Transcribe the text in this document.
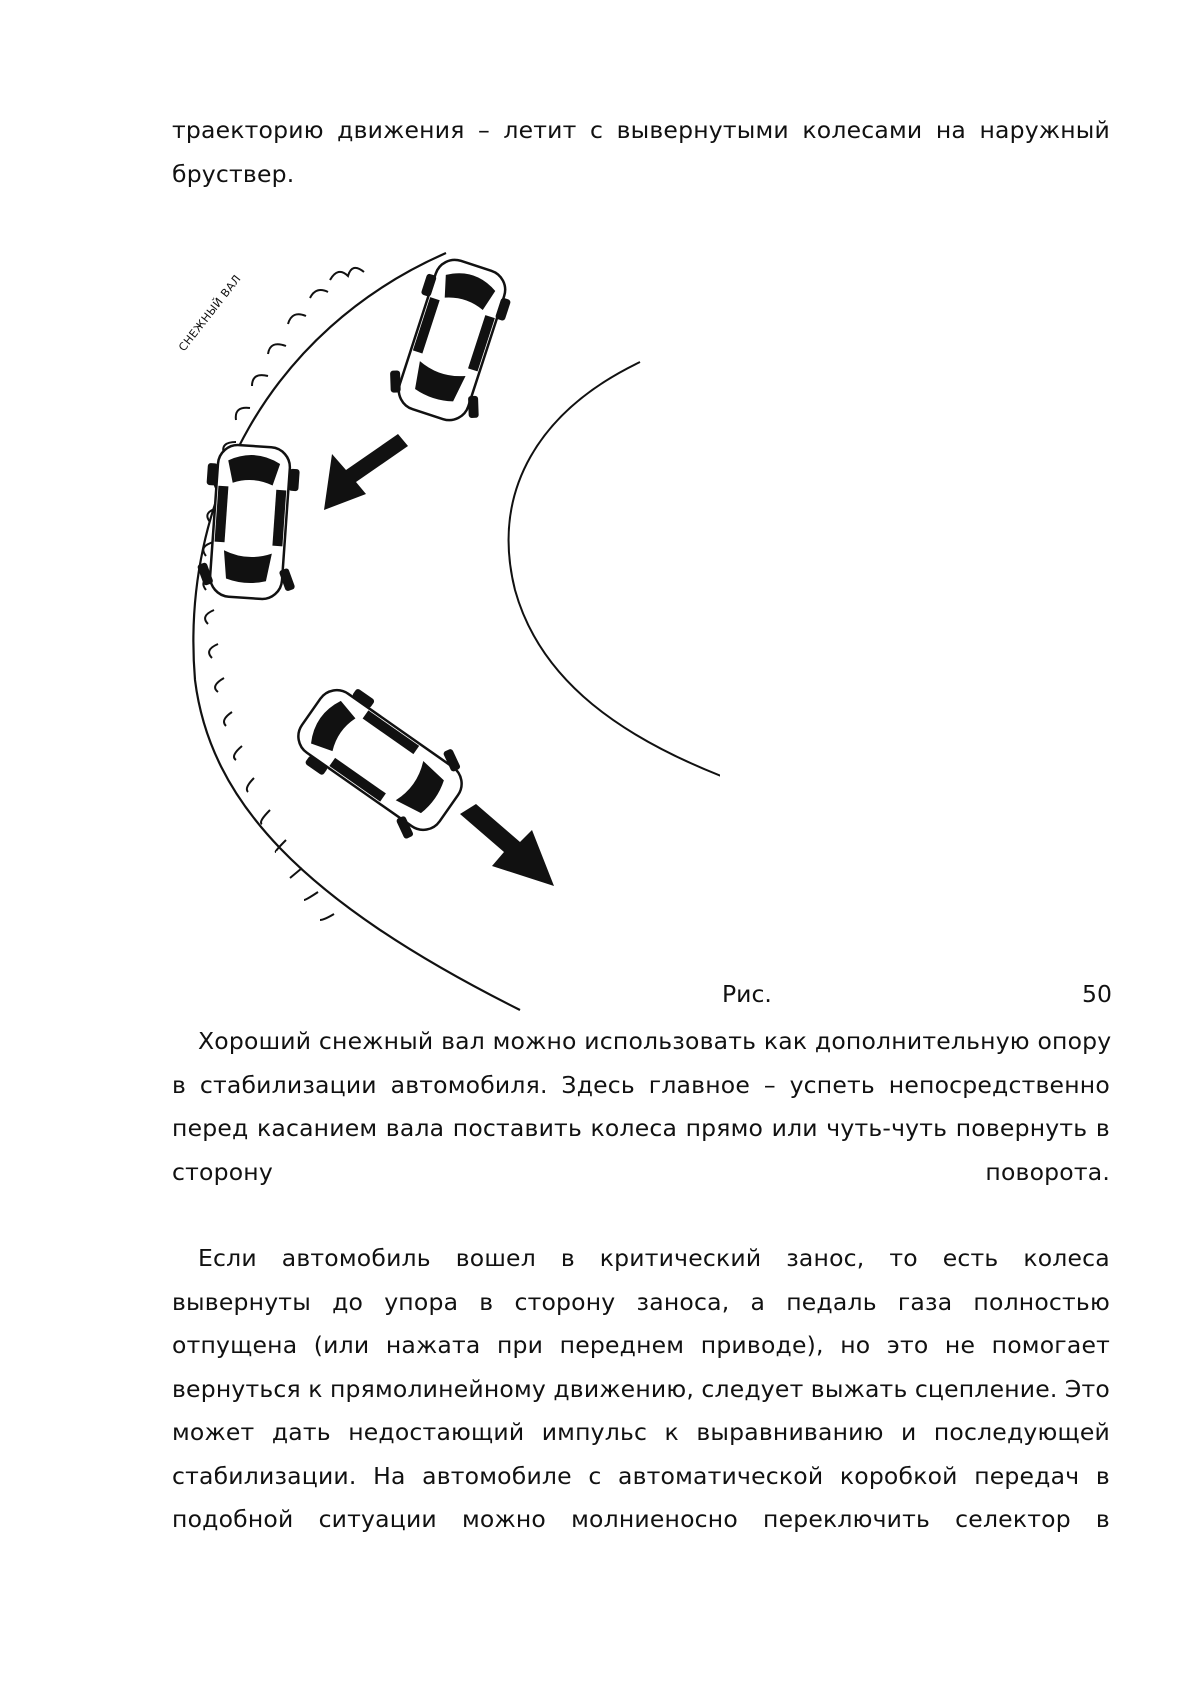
траекторию движения – летит с вывернутыми колесами на наружный
бруствер.
СНЕЖНЫЙ ВАЛ
Рис.	50
Хороший снежный вал можно использовать как дополнительную опору
в стабилизации автомобиля. Здесь главное – успеть непосредственно
перед касанием вала поставить колеса прямо или чуть-чуть повернуть в
сторону	поворота.
Если автомобиль вошел в критический занос, то есть колеса
вывернуты до упора в сторону заноса, а педаль газа полностью
отпущена (или нажата при переднем приводе), но это не помогает
вернуться к прямолинейному движению, следует выжать сцепление. Это
может дать недостающий импульс к выравниванию и последующей
стабилизации. На автомобиле с автоматической коробкой передач в
подобной ситуации можно молниеносно переключить селектор в
